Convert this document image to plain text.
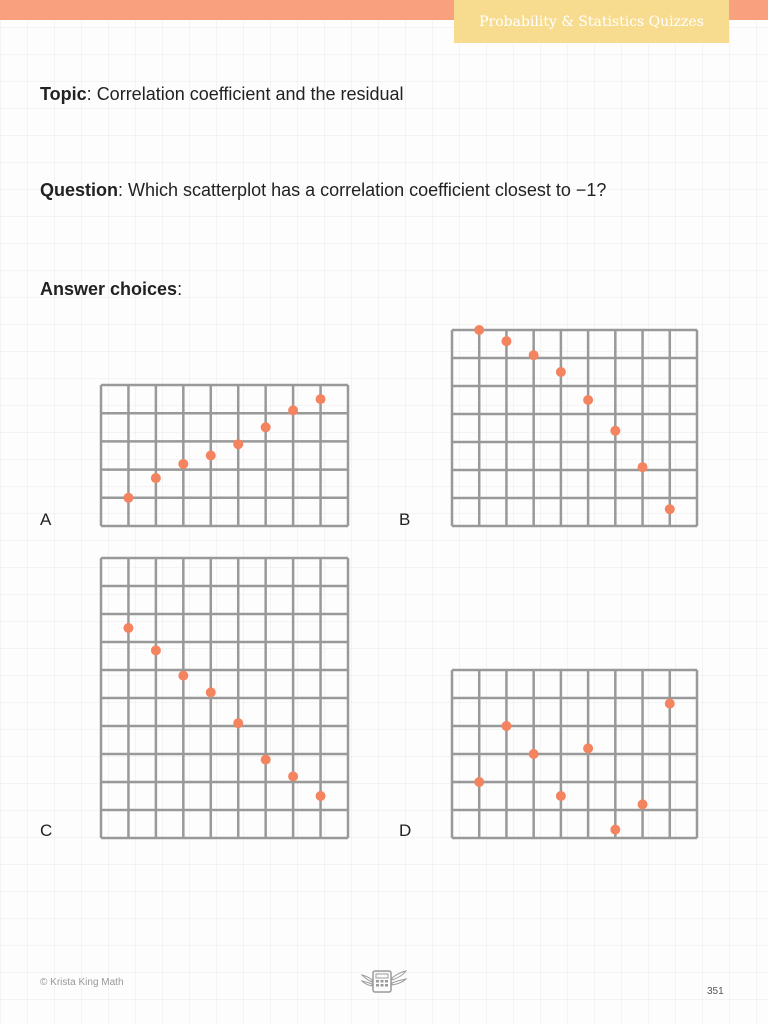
Probability & Statistics Quizzes
Topic: Correlation coefficient and the residual
Question: Which scatterplot has a correlation coefficient closest to −1?
Answer choices:
A	B
C	D
© Krista King Math
351
